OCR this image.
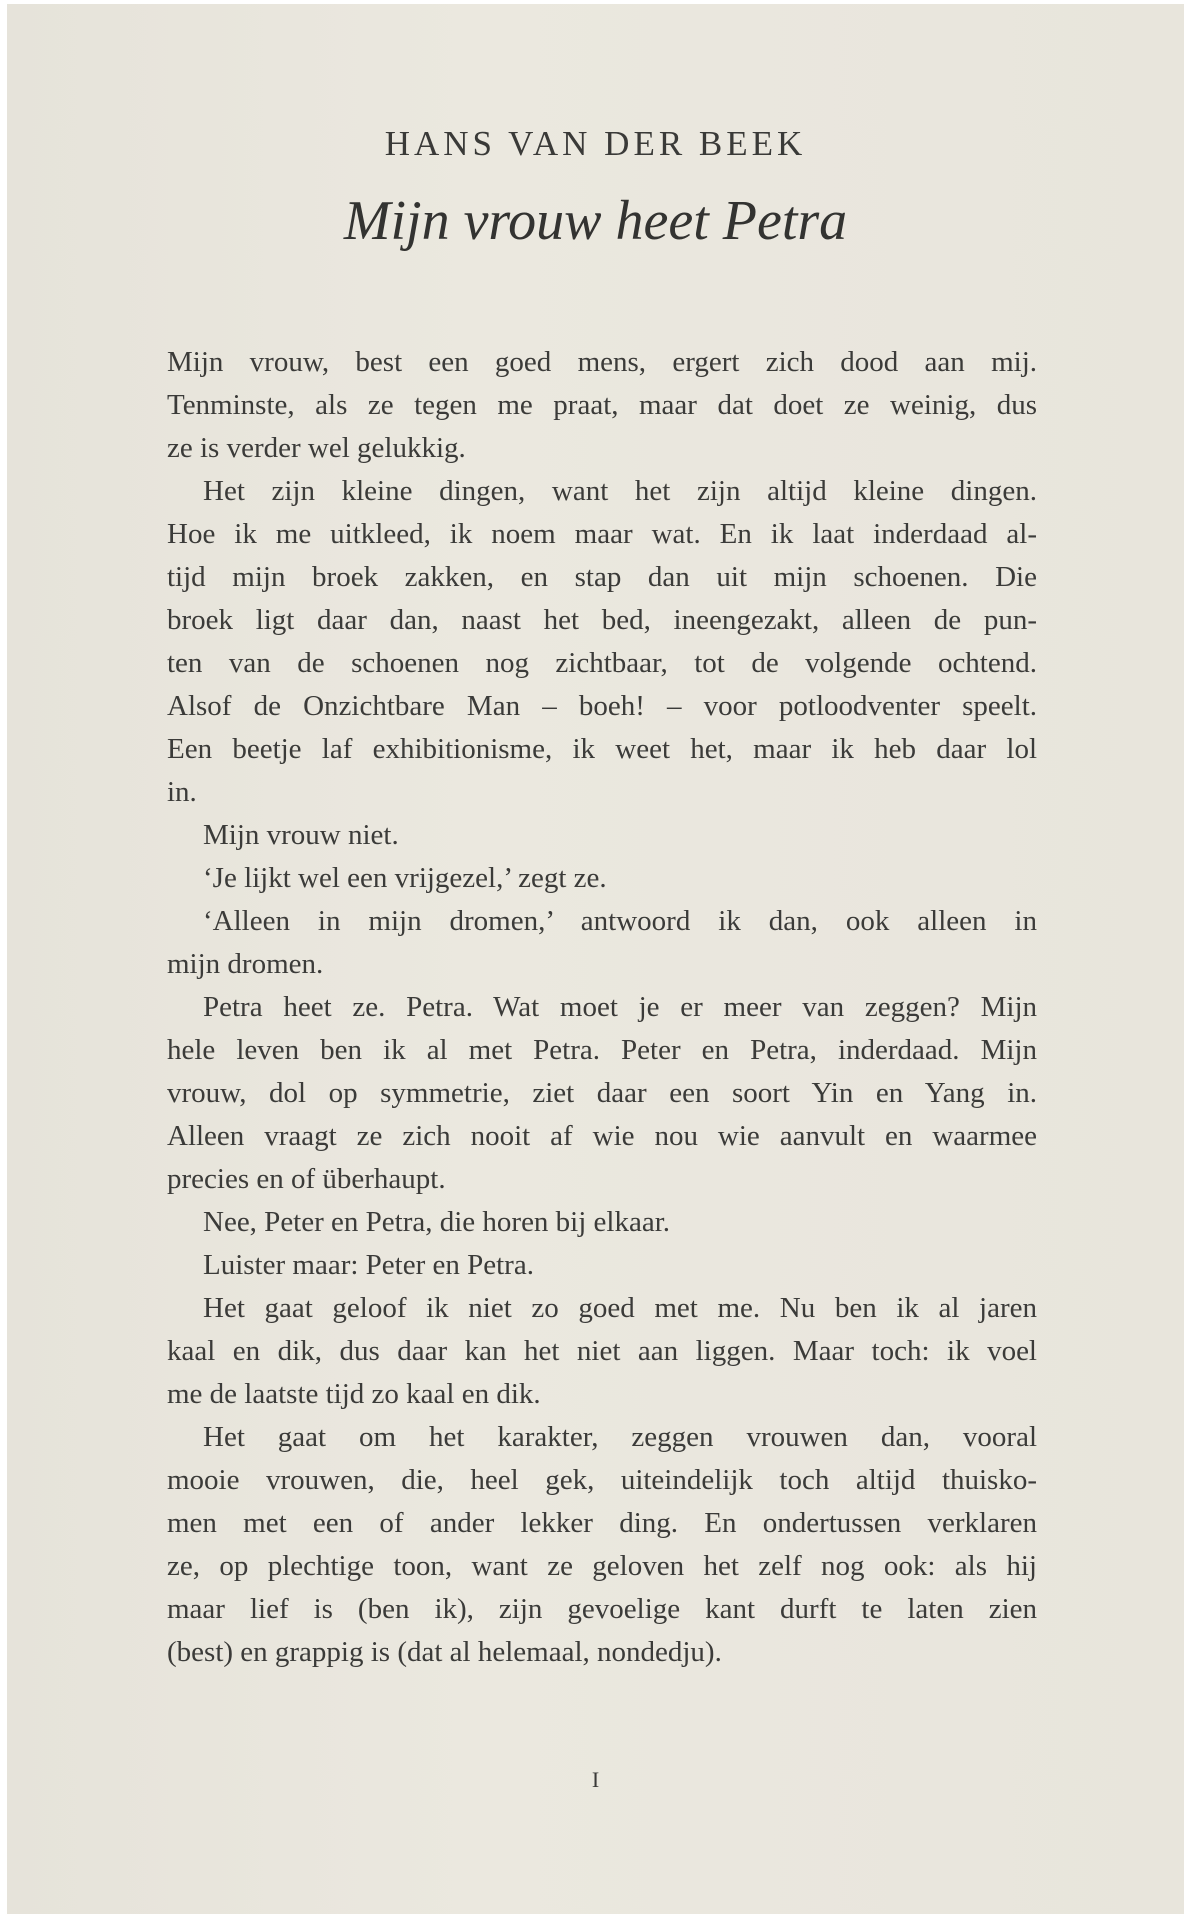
HANS VAN DER BEEK
Mijn vrouw heet Petra
Mijn vrouw, best een goed mens, ergert zich dood aan mij.
Tenminste, als ze tegen me praat, maar dat doet ze weinig, dus
ze is verder wel gelukkig.
Het zijn kleine dingen, want het zijn altijd kleine dingen.
Hoe ik me uitkleed, ik noem maar wat. En ik laat inderdaad al-
tijd mijn broek zakken, en stap dan uit mijn schoenen. Die
broek ligt daar dan, naast het bed, ineengezakt, alleen de pun-
ten van de schoenen nog zichtbaar, tot de volgende ochtend.
Alsof de Onzichtbare Man – boeh! – voor potloodventer speelt.
Een beetje laf exhibitionisme, ik weet het, maar ik heb daar lol
in.
Mijn vrouw niet.
‘Je lijkt wel een vrijgezel,’ zegt ze.
‘Alleen in mijn dromen,’ antwoord ik dan, ook alleen in
mijn dromen.
Petra heet ze. Petra. Wat moet je er meer van zeggen? Mijn
hele leven ben ik al met Petra. Peter en Petra, inderdaad. Mijn
vrouw, dol op symmetrie, ziet daar een soort Yin en Yang in.
Alleen vraagt ze zich nooit af wie nou wie aanvult en waarmee
precies en of überhaupt.
Nee, Peter en Petra, die horen bij elkaar.
Luister maar: Peter en Petra.
Het gaat geloof ik niet zo goed met me. Nu ben ik al jaren
kaal en dik, dus daar kan het niet aan liggen. Maar toch: ik voel
me de laatste tijd zo kaal en dik.
Het gaat om het karakter, zeggen vrouwen dan, vooral
mooie vrouwen, die, heel gek, uiteindelijk toch altijd thuisko-
men met een of ander lekker ding. En ondertussen verklaren
ze, op plechtige toon, want ze geloven het zelf nog ook: als hij
maar lief is (ben ik), zijn gevoelige kant durft te laten zien
(best) en grappig is (dat al helemaal, nondedju).
I
